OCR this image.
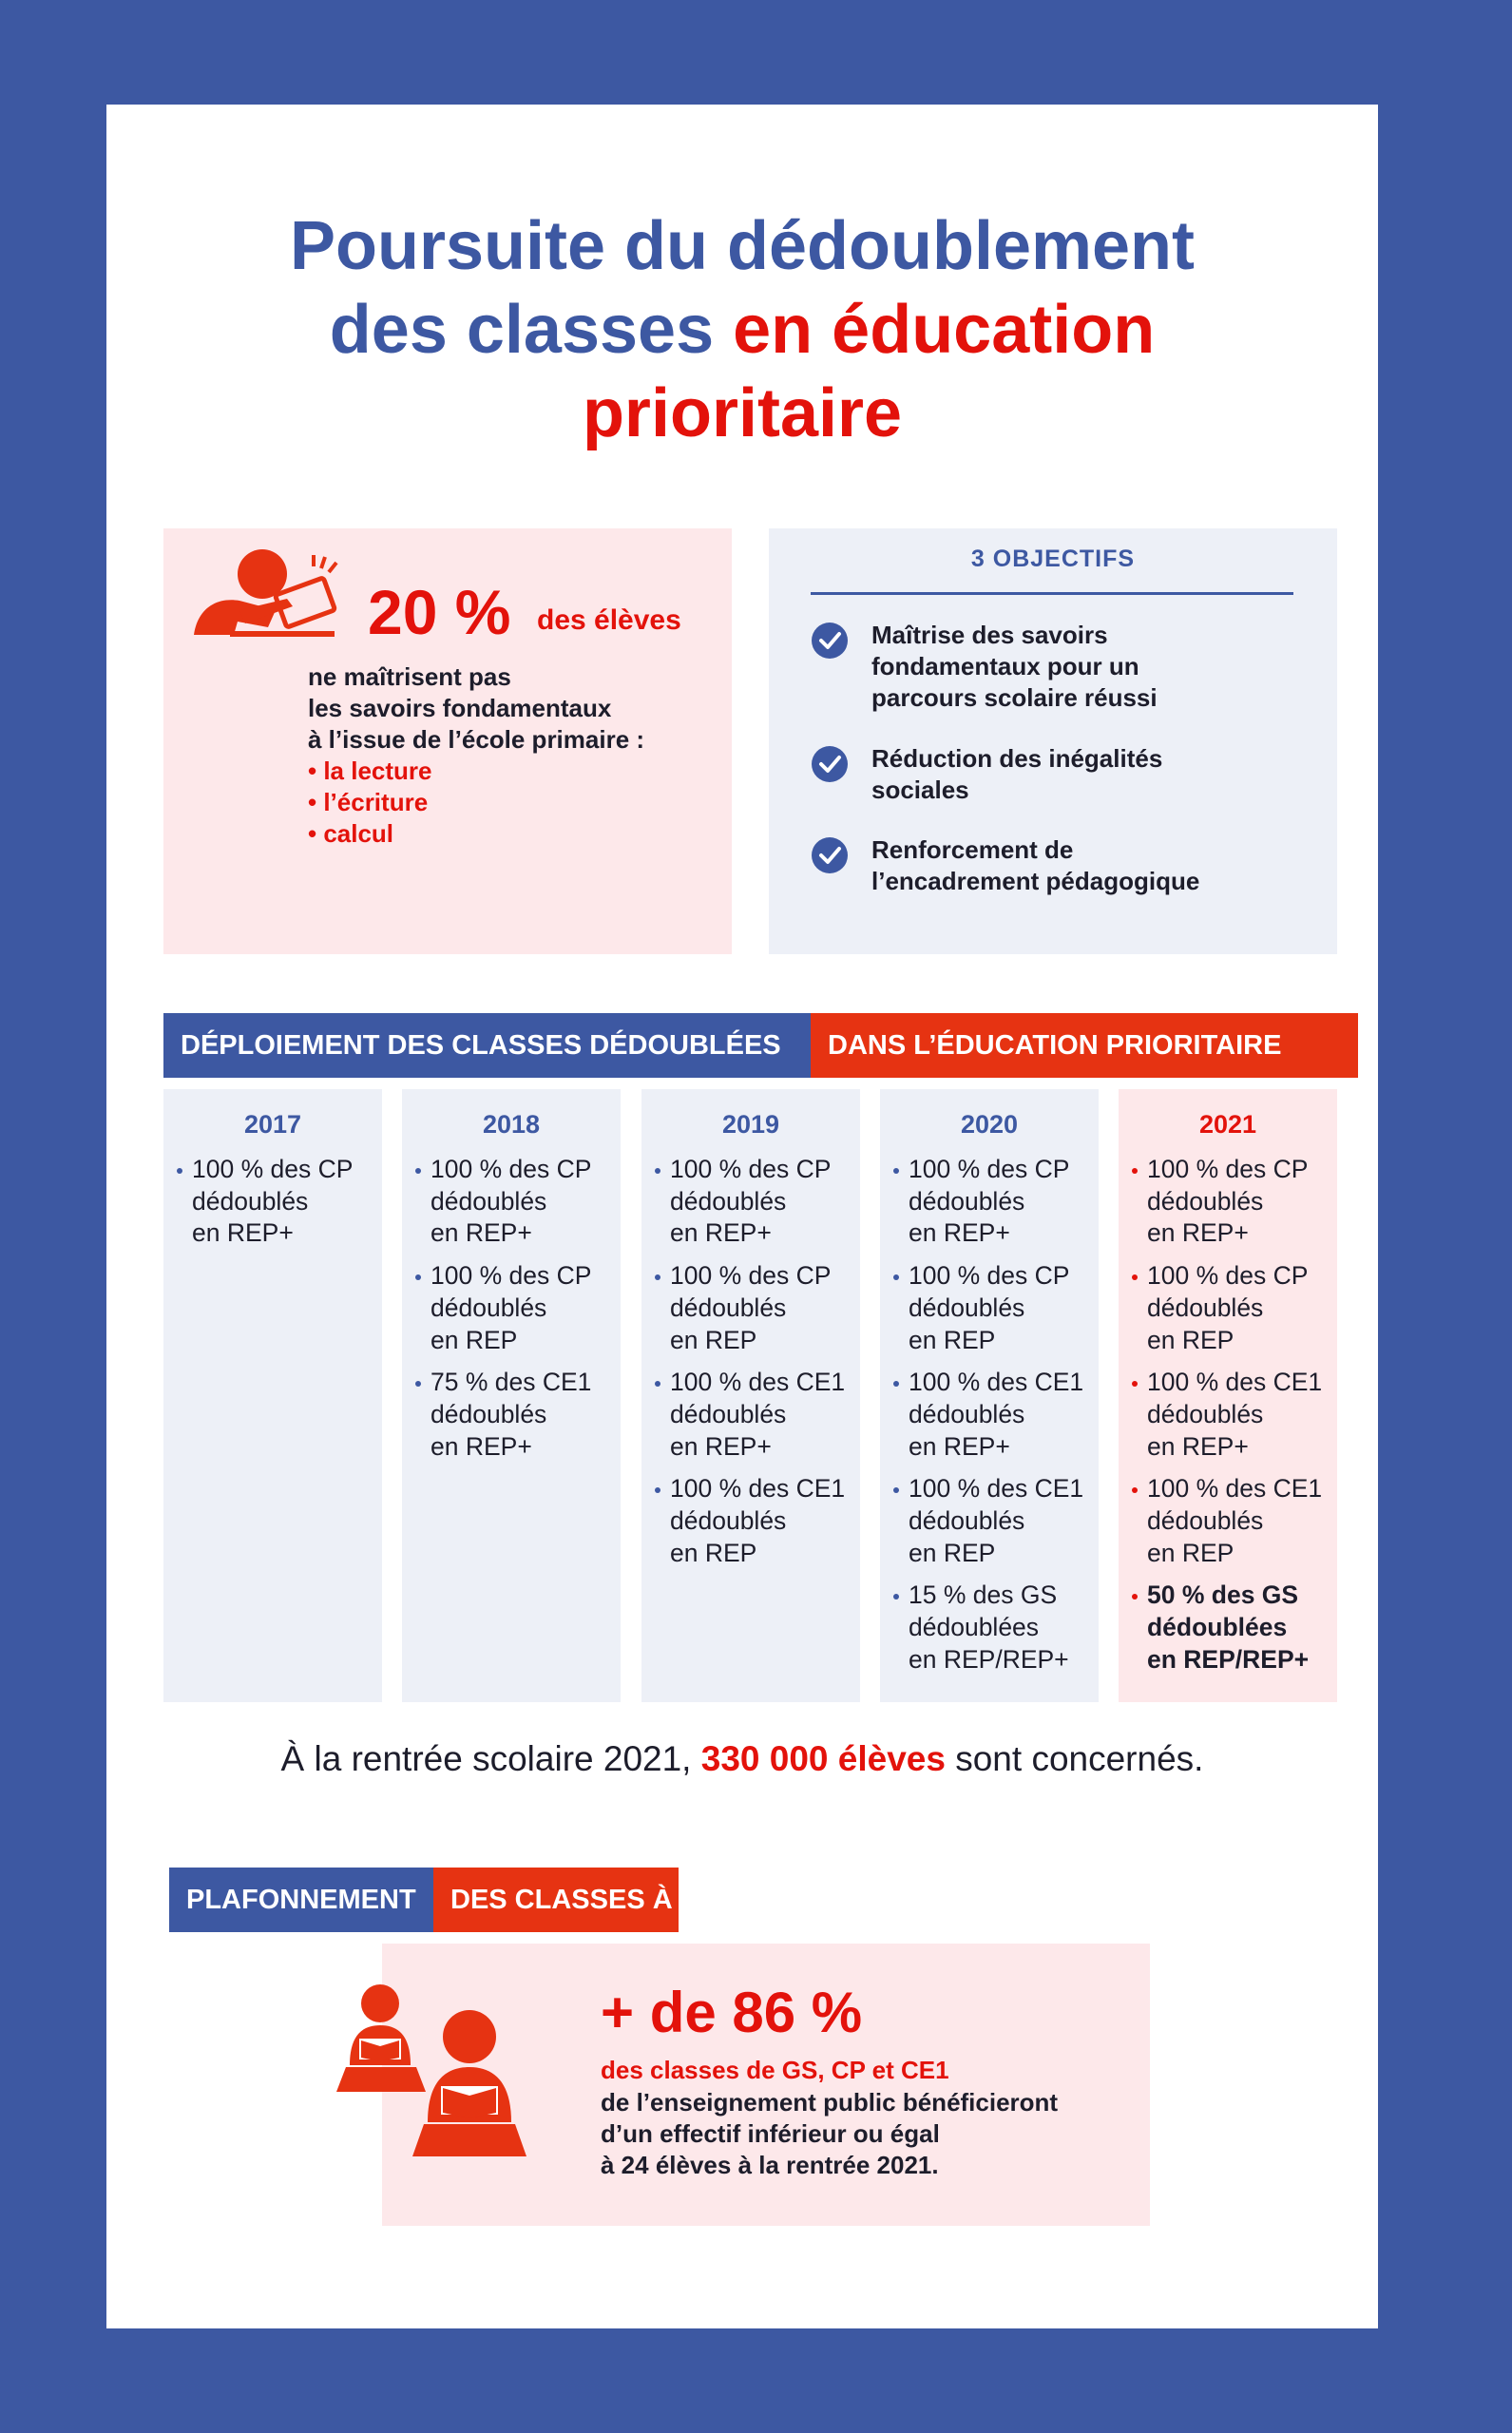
Poursuite du dédoublement
des classes en éducation
prioritaire
20 % des élèves
ne maîtrisent pas
les savoirs fondamentaux
à l’issue de l’école primaire :
• la lecture
• l’écriture
• calcul
3 OBJECTIFS
Maîtrise des savoirs
fondamentaux pour un
parcours scolaire réussi
Réduction des inégalités
sociales
Renforcement de
l’encadrement pédagogique
DÉPLOIEMENT DES CLASSES DÉDOUBLÉES	DANS L’ÉDUCATION PRIORITAIRE
2017
100 % des CP
dédoublés
en REP+
2018
100 % des CP
dédoublés
en REP+
100 % des CP
dédoublés
en REP
75 % des CE1
dédoublés
en REP+
2019
100 % des CP
dédoublés
en REP+
100 % des CP
dédoublés
en REP
100 % des CE1
dédoublés
en REP+
100 % des CE1
dédoublés
en REP
2020
100 % des CP
dédoublés
en REP+
100 % des CP
dédoublés
en REP
100 % des CE1
dédoublés
en REP+
100 % des CE1
dédoublés
en REP
15 % des GS
dédoublées
en REP/REP+
2021
100 % des CP
dédoublés
en REP+
100 % des CP
dédoublés
en REP
100 % des CE1
dédoublés
en REP+
100 % des CE1
dédoublés
en REP
50 % des GS
dédoublées
en REP/REP+
À la rentrée scolaire 2021, 330 000 élèves sont concernés.
PLAFONNEMENT	DES CLASSES À 24
+ de 86 %
des classes de GS, CP et CE1
de l’enseignement public bénéficieront
d’un effectif inférieur ou égal
à 24 élèves à la rentrée 2021.
